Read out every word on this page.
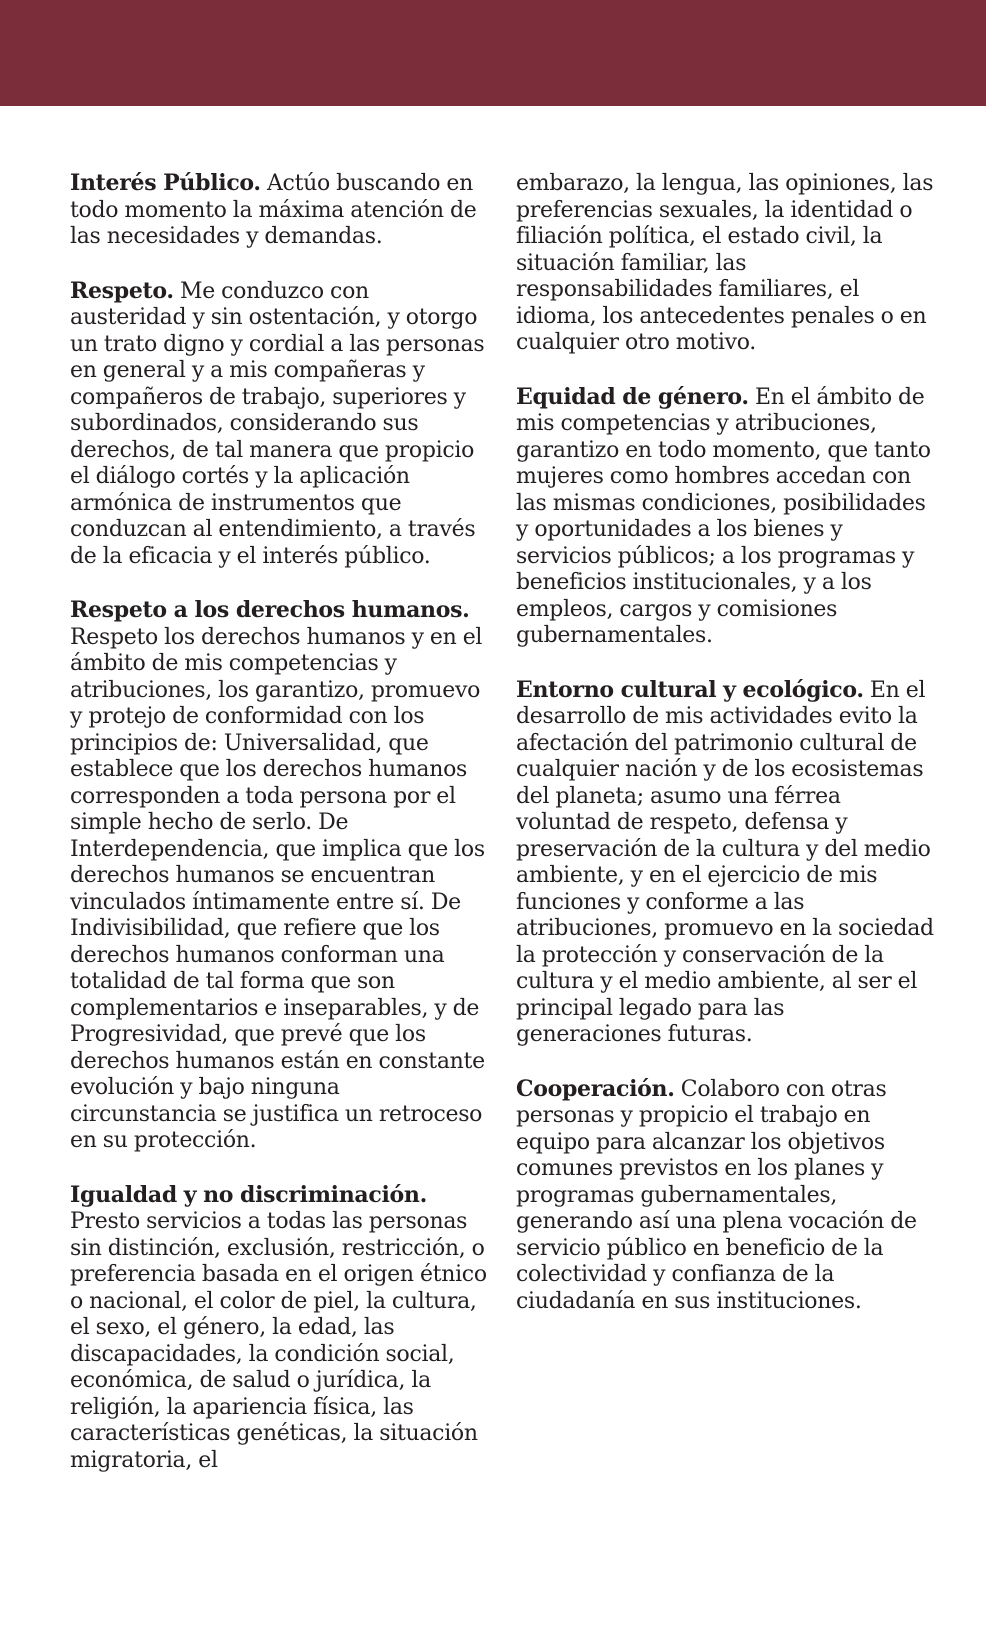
Interés Público. Actúo buscando en todo momento la máxima atención de las necesidades y demandas.

Respeto. Me conduzco con austeridad y sin ostentación, y otorgo un trato digno y cordial a las personas en general y a mis compañeras y compañeros de trabajo, superiores y subordinados, considerando sus derechos, de tal manera que propicio el diálogo cortés y la aplicación armónica de instrumentos que conduzcan al entendimiento, a través de la eficacia y el interés público.

Respeto a los derechos humanos. Respeto los derechos humanos y en el ámbito de mis competencias y atribuciones, los garantizo, promuevo y protejo de conformidad con los principios de: Universalidad, que establece que los derechos humanos corresponden a toda persona por el simple hecho de serlo. De Interdependencia, que implica que los derechos humanos se encuentran vinculados íntimamente entre sí. De Indivisibilidad, que refiere que los derechos humanos conforman una totalidad de tal forma que son complementarios e inseparables, y de Progresividad, que prevé que los derechos humanos están en constante evolución y bajo ninguna circunstancia se justifica un retroceso en su protección.

Igualdad y no discriminación. Presto servicios a todas las personas sin distinción, exclusión, restricción, o preferencia basada en el origen étnico o nacional, el color de piel, la cultura, el sexo, el género, la edad, las discapacidades, la condición social, económica, de salud o jurídica, la religión, la apariencia física, las características genéticas, la situación migratoria, el

embarazo, la lengua, las opiniones, las preferencias sexuales, la identidad o filiación política, el estado civil, la situación familiar, las responsabilidades familiares, el idioma, los antecedentes penales o en cualquier otro motivo.

Equidad de género. En el ámbito de mis competencias y atribuciones, garantizo en todo momento, que tanto mujeres como hombres accedan con las mismas condiciones, posibilidades y oportunidades a los bienes y servicios públicos; a los programas y beneficios institucionales, y a los empleos, cargos y comisiones gubernamentales.

Entorno cultural y ecológico. En el desarrollo de mis actividades evito la afectación del patrimonio cultural de cualquier nación y de los ecosistemas del planeta; asumo una férrea voluntad de respeto, defensa y preservación de la cultura y del medio ambiente, y en el ejercicio de mis funciones y conforme a las atribuciones, promuevo en la sociedad la protección y conservación de la cultura y el medio ambiente, al ser el principal legado para las generaciones futuras.

Cooperación. Colaboro con otras personas y propicio el trabajo en equipo para alcanzar los objetivos comunes previstos en los planes y programas gubernamentales, generando así una plena vocación de servicio público en beneficio de la colectividad y confianza de la ciudadanía en sus instituciones.
